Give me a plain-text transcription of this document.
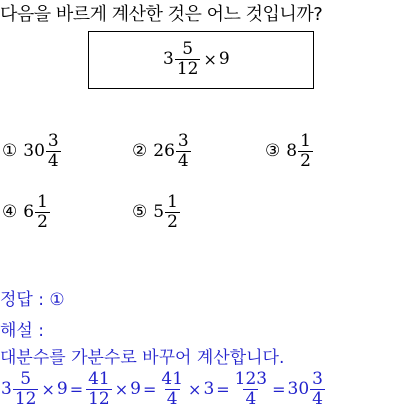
다음을 바르게 계산한 것은 어느 것입니까?
$3 \frac{5}{12} \times 9$
① $30 \frac{3}{4}$	② $26 \frac{3}{4}$	③ $8 \frac{1}{2}$
④ $6 \frac{1}{2}$	⑤ $5 \frac{1}{2}$
정답 : ①
해설 :
대분수를 가분수로 바꾸어 계산합니다.
$3 \frac{5}{12} \times 9 = \frac{41}{12} \times 9 = \frac{41}{4} \times 3 = \frac{123}{4} = 30 \frac{3}{4}$
